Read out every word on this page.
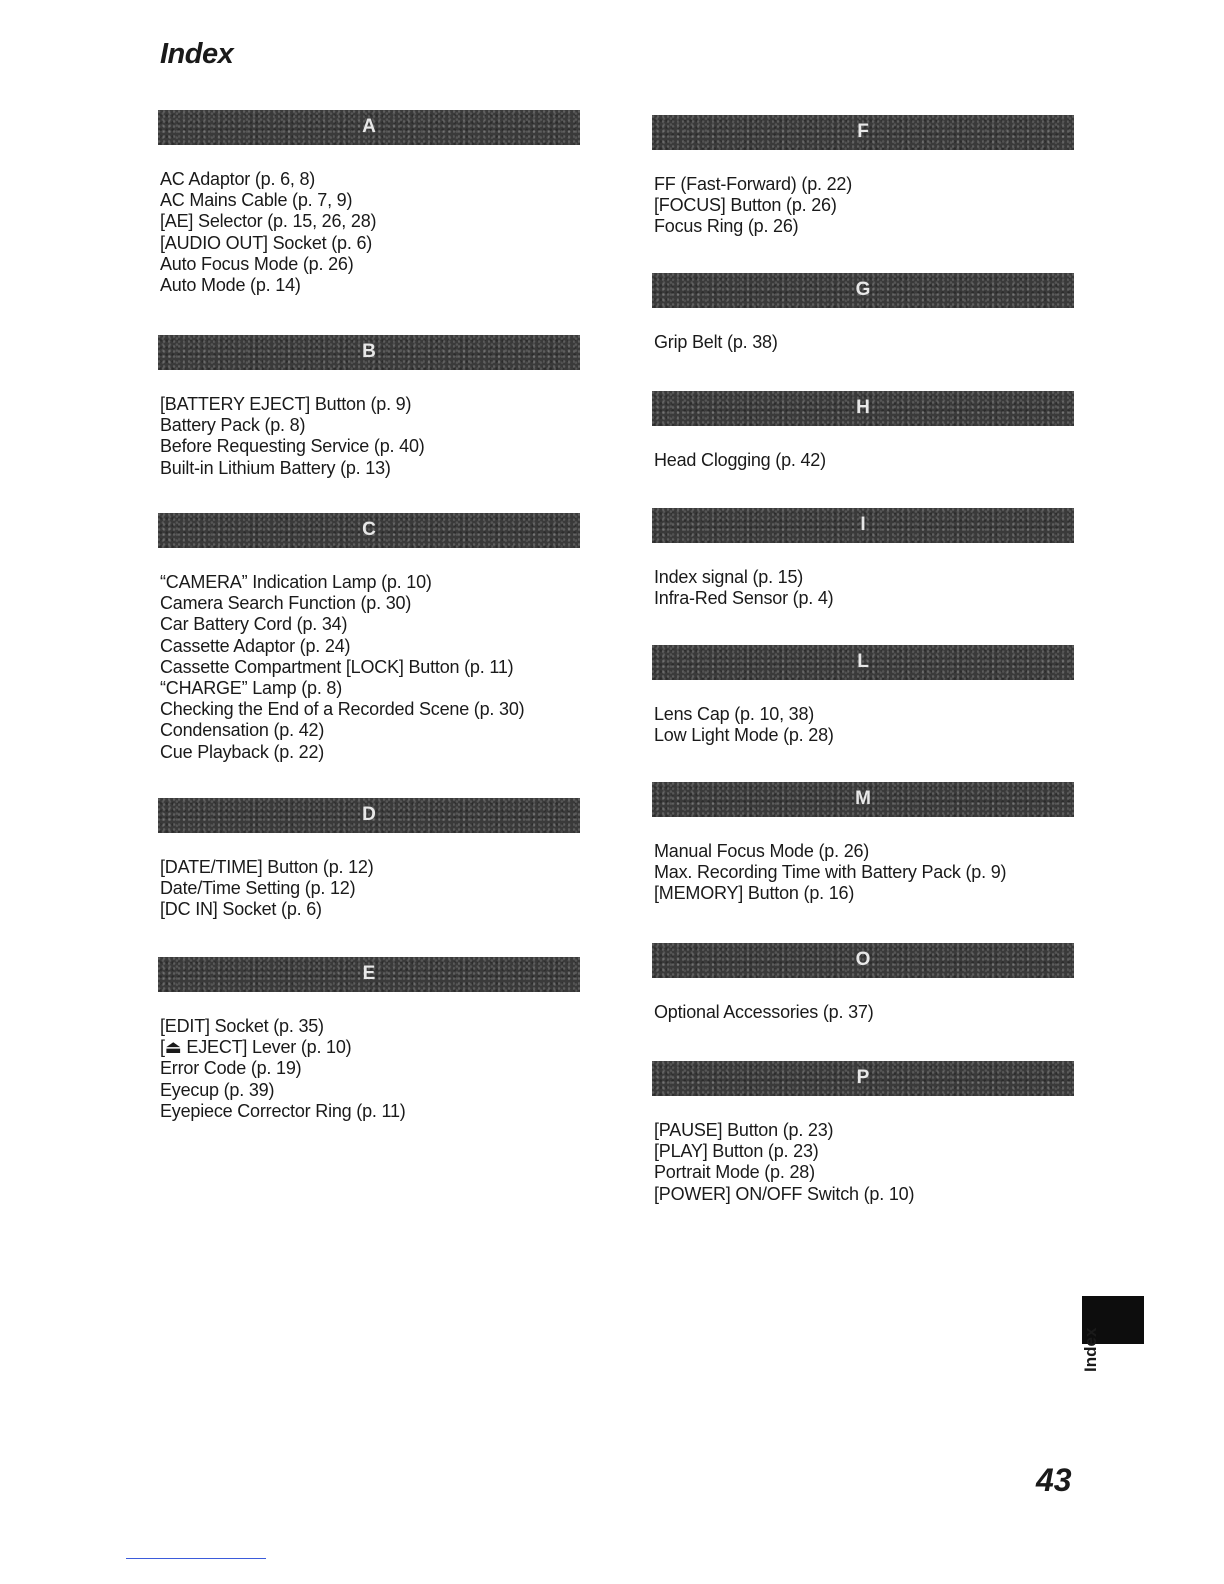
Index
A
AC Adaptor (p. 6, 8)
AC Mains Cable (p. 7, 9)
[AE] Selector (p. 15, 26, 28)
[AUDIO OUT] Socket (p. 6)
Auto Focus Mode (p. 26)
Auto Mode (p. 14)
B
[BATTERY EJECT] Button (p. 9)
Battery Pack (p. 8)
Before Requesting Service (p. 40)
Built-in Lithium Battery (p. 13)
C
“CAMERA” Indication Lamp (p. 10)
Camera Search Function (p. 30)
Car Battery Cord (p. 34)
Cassette Adaptor (p. 24)
Cassette Compartment [LOCK] Button (p. 11)
“CHARGE” Lamp (p. 8)
Checking the End of a Recorded Scene (p. 30)
Condensation (p. 42)
Cue Playback (p. 22)
D
[DATE/TIME] Button (p. 12)
Date/Time Setting (p. 12)
[DC IN] Socket (p. 6)
E
[EDIT] Socket (p. 35)
[⏏ EJECT] Lever (p. 10)
Error Code (p. 19)
Eyecup (p. 39)
Eyepiece Corrector Ring (p. 11)
F
FF (Fast-Forward) (p. 22)
[FOCUS] Button (p. 26)
Focus Ring (p. 26)
G
Grip Belt (p. 38)
H
Head Clogging (p. 42)
I
Index signal (p. 15)
Infra-Red Sensor (p. 4)
L
Lens Cap (p. 10, 38)
Low Light Mode (p. 28)
M
Manual Focus Mode (p. 26)
Max. Recording Time with Battery Pack (p. 9)
[MEMORY] Button (p. 16)
O
Optional Accessories (p. 37)
P
[PAUSE] Button (p. 23)
[PLAY] Button (p. 23)
Portrait Mode (p. 28)
[POWER] ON/OFF Switch (p. 10)
Index
43
